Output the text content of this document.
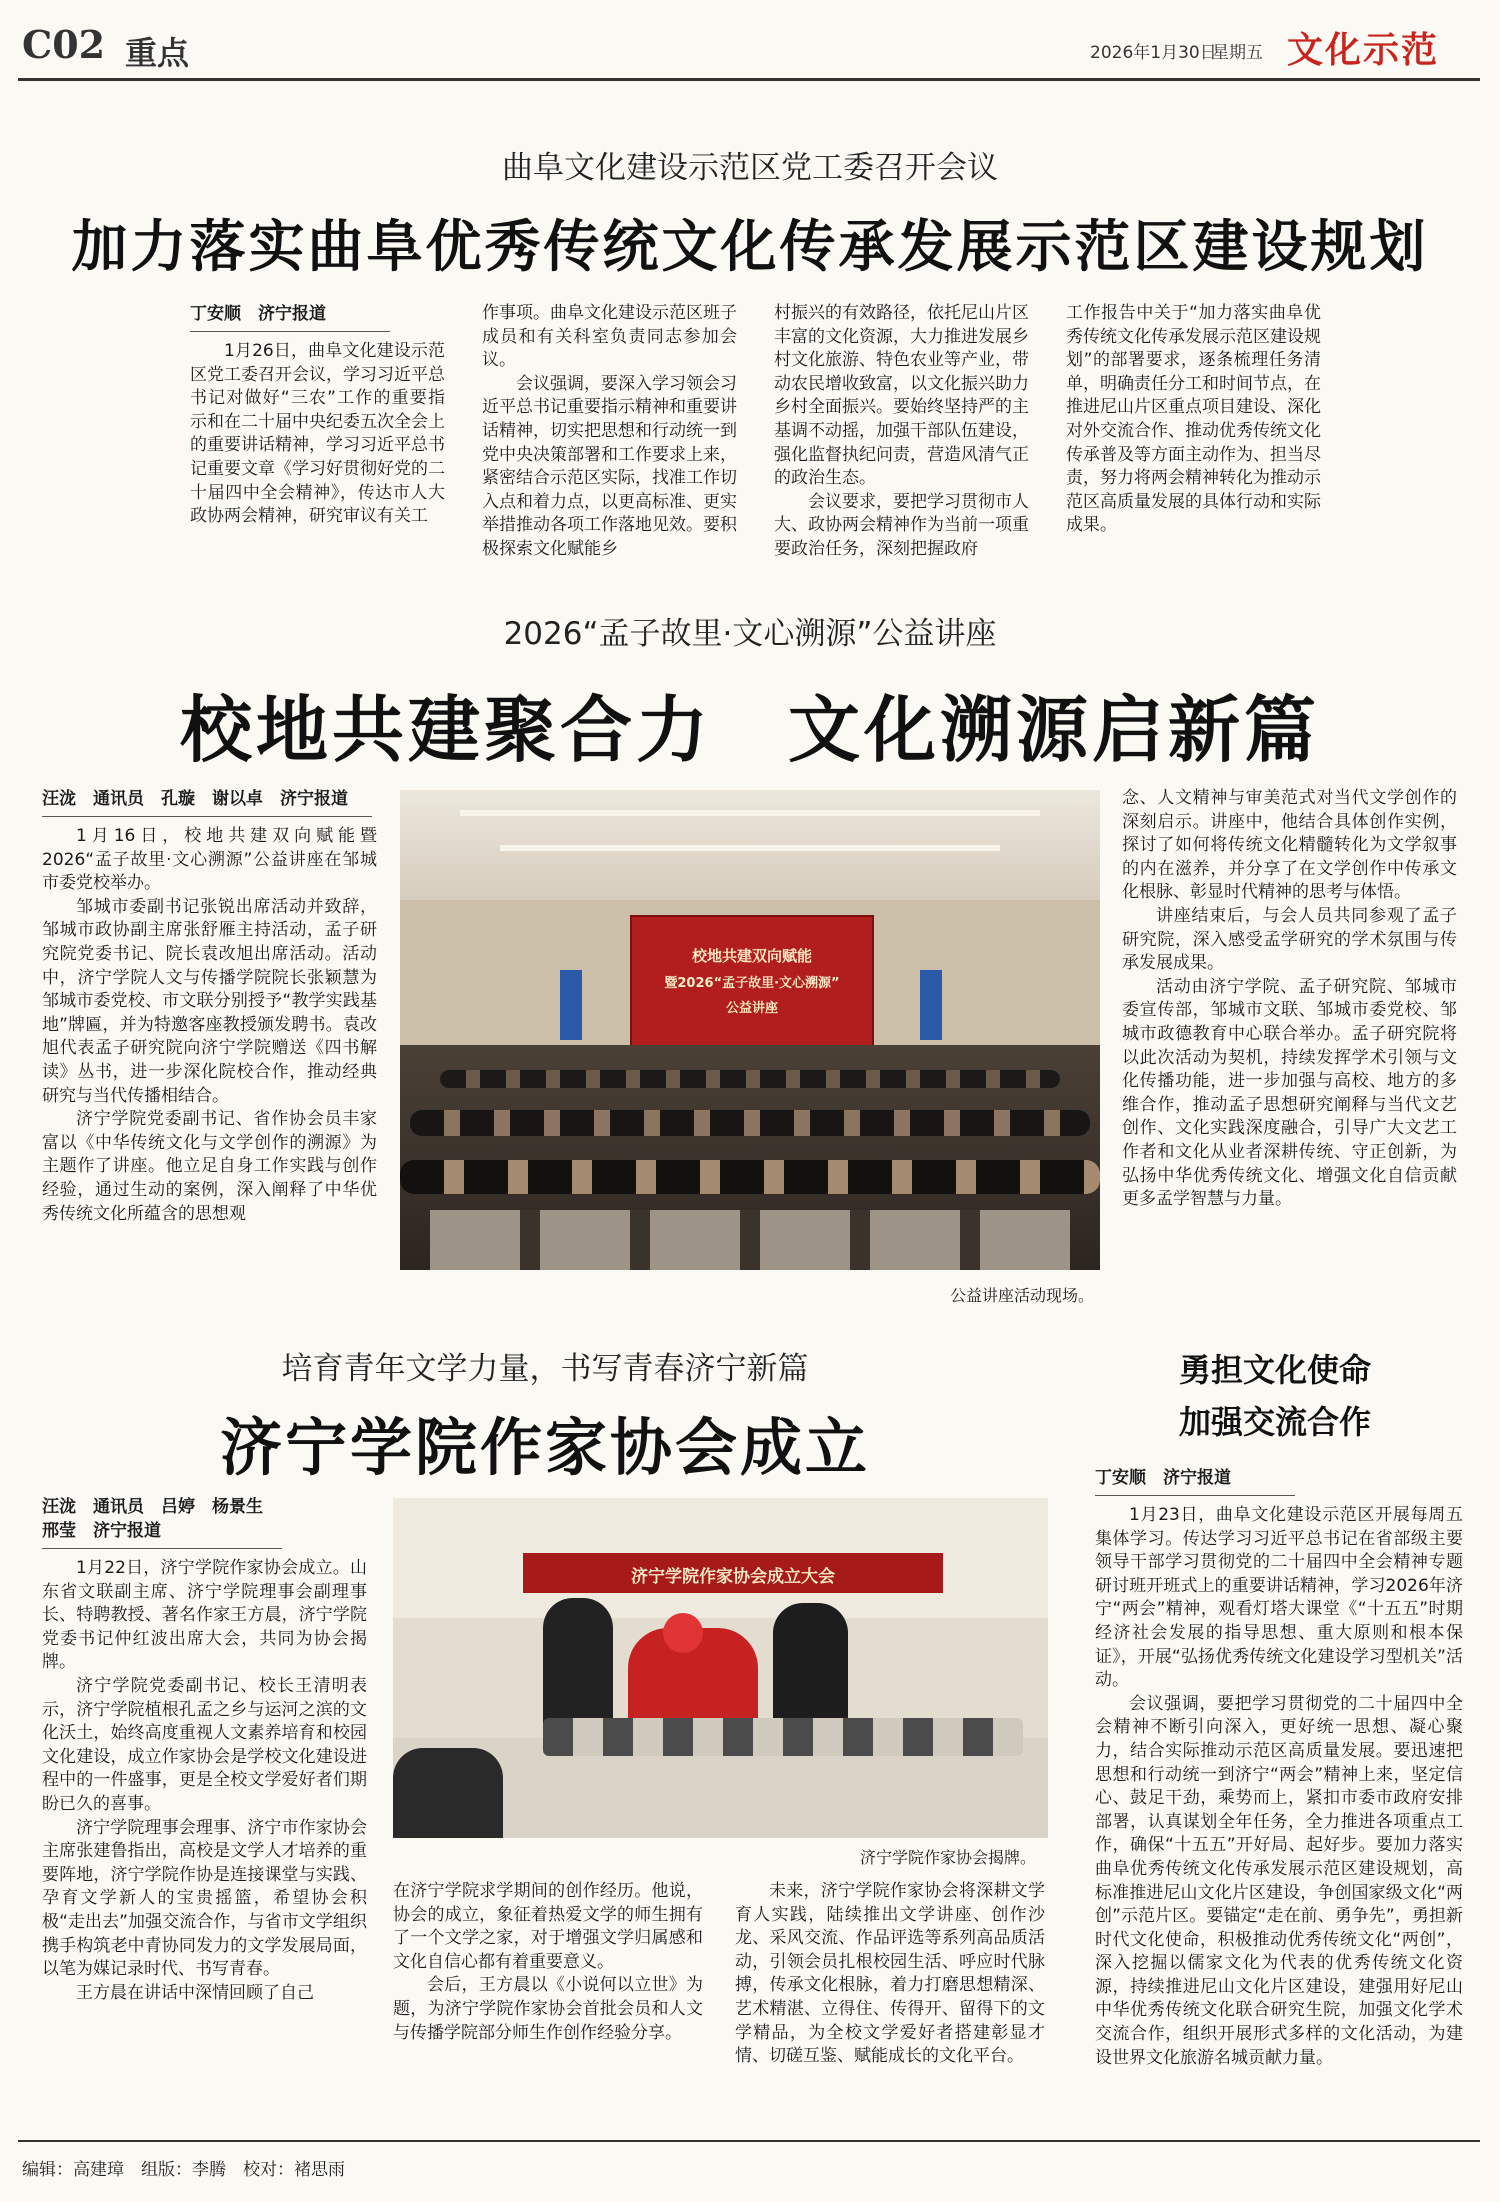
C02 重点	2026年1月30日
星期五 文化示范
曲阜文化建设示范区党工委召开会议
加力落实曲阜优秀传统文化传承发展示范区建设规划
丁安顺　济宁报道

1月26日，曲阜文化建设示范区党工委召开会议，学习习近平总书记对做好“三农”工作的重要指示和在二十届中央纪委五次全会上的重要讲话精神，学习习近平总书记重要文章《学习好贯彻好党的二十届四中全会精神》，传达市人大政协两会精神，研究审议有关工

作事项。曲阜文化建设示范区班子成员和有关科室负责同志参加会议。

会议强调，要深入学习领会习近平总书记重要指示精神和重要讲话精神，切实把思想和行动统一到党中央决策部署和工作要求上来，紧密结合示范区实际，找准工作切入点和着力点，以更高标准、更实举措推动各项工作落地见效。要积极探索文化赋能乡

村振兴的有效路径，依托尼山片区丰富的文化资源，大力推进发展乡村文化旅游、特色农业等产业，带动农民增收致富，以文化振兴助力乡村全面振兴。要始终坚持严的主基调不动摇，加强干部队伍建设，强化监督执纪问责，营造风清气正的政治生态。

会议要求，要把学习贯彻市人大、政协两会精神作为当前一项重要政治任务，深刻把握政府

工作报告中关于“加力落实曲阜优秀传统文化传承发展示范区建设规划”的部署要求，逐条梳理任务清单，明确责任分工和时间节点，在推进尼山片区重点项目建设、深化对外交流合作、推动优秀传统文化传承普及等方面主动作为、担当尽责，努力将两会精神转化为推动示范区高质量发展的具体行动和实际成果。

2026“孟子故里·文心溯源”公益讲座
校地共建聚合力　文化溯源启新篇
汪泷　通讯员　孔璇　谢以卓　济宁报道

1月16日，校地共建双向赋能暨2026“孟子故里·文心溯源”公益讲座在邹城市委党校举办。

邹城市委副书记张锐出席活动并致辞，邹城市政协副主席张舒雁主持活动，孟子研究院党委书记、院长袁改旭出席活动。活动中，济宁学院人文与传播学院院长张颖慧为邹城市委党校、市文联分别授予“教学实践基地”牌匾，并为特邀客座教授颁发聘书。袁改旭代表孟子研究院向济宁学院赠送《四书解读》丛书，进一步深化院校合作，推动经典研究与当代传播相结合。

济宁学院党委副书记、省作协会员丰家富以《中华传统文化与文学创作的溯源》为主题作了讲座。他立足自身工作实践与创作经验，通过生动的案例，深入阐释了中华优秀传统文化所蕴含的思想观

校地共建双向赋能
暨2026“孟子故里·文心溯源”
公益讲座
公益讲座活动现场。

念、人文精神与审美范式对当代文学创作的深刻启示。讲座中，他结合具体创作实例，探讨了如何将传统文化精髓转化为文学叙事的内在滋养，并分享了在文学创作中传承文化根脉、彰显时代精神的思考与体悟。

讲座结束后，与会人员共同参观了孟子研究院，深入感受孟学研究的学术氛围与传承发展成果。

活动由济宁学院、孟子研究院、邹城市委宣传部，邹城市文联、邹城市委党校、邹城市政德教育中心联合举办。孟子研究院将以此次活动为契机，持续发挥学术引领与文化传播功能，进一步加强与高校、地方的多维合作，推动孟子思想研究阐释与当代文艺创作、文化实践深度融合，引导广大文艺工作者和文化从业者深耕传统、守正创新，为弘扬中华优秀传统文化、增强文化自信贡献更多孟学智慧与力量。

培育青年文学力量，书写青春济宁新篇
济宁学院作家协会成立
汪泷　通讯员　吕婷　杨景生　邢莹　济宁报道

1月22日，济宁学院作家协会成立。山东省文联副主席、济宁学院理事会副理事长、特聘教授、著名作家王方晨，济宁学院党委书记仲红波出席大会，共同为协会揭牌。

济宁学院党委副书记、校长王清明表示，济宁学院植根孔孟之乡与运河之滨的文化沃土，始终高度重视人文素养培育和校园文化建设，成立作家协会是学校文化建设进程中的一件盛事，更是全校文学爱好者们期盼已久的喜事。

济宁学院理事会理事、济宁市作家协会主席张建鲁指出，高校是文学人才培养的重要阵地，济宁学院作协是连接课堂与实践、孕育文学新人的宝贵摇篮，希望协会积极“走出去”加强交流合作，与省市文学组织携手构筑老中青协同发力的文学发展局面，以笔为媒记录时代、书写青春。

王方晨在讲话中深情回顾了自己

济宁学院作家协会成立大会
济宁学院作家协会揭牌。

在济宁学院求学期间的创作经历。他说，协会的成立，象征着热爱文学的师生拥有了一个文学之家，对于增强文学归属感和文化自信心都有着重要意义。

会后，王方晨以《小说何以立世》为题，为济宁学院作家协会首批会员和人文与传播学院部分师生作创作经验分享。

未来，济宁学院作家协会将深耕文学育人实践，陆续推出文学讲座、创作沙龙、采风交流、作品评选等系列高品质活动，引领会员扎根校园生活、呼应时代脉搏，传承文化根脉，着力打磨思想精深、艺术精湛、立得住、传得开、留得下的文学精品，为全校文学爱好者搭建彰显才情、切磋互鉴、赋能成长的文化平台。

勇担文化使命
加强交流合作
丁安顺　济宁报道

1月23日，曲阜文化建设示范区开展每周五集体学习。传达学习习近平总书记在省部级主要领导干部学习贯彻党的二十届四中全会精神专题研讨班开班式上的重要讲话精神，学习2026年济宁“两会”精神，观看灯塔大课堂《“十五五”时期经济社会发展的指导思想、重大原则和根本保证》，开展“弘扬优秀传统文化建设学习型机关”活动。

会议强调，要把学习贯彻党的二十届四中全会精神不断引向深入，更好统一思想、凝心聚力，结合实际推动示范区高质量发展。要迅速把思想和行动统一到济宁“两会”精神上来，坚定信心、鼓足干劲，乘势而上，紧扣市委市政府安排部署，认真谋划全年任务，全力推进各项重点工作，确保“十五五”开好局、起好步。要加力落实曲阜优秀传统文化传承发展示范区建设规划，高标准推进尼山文化片区建设，争创国家级文化“两创”示范片区。要锚定“走在前、勇争先”，勇担新时代文化使命，积极推动优秀传统文化“两创”，深入挖掘以儒家文化为代表的优秀传统文化资源，持续推进尼山文化片区建设，建强用好尼山中华优秀传统文化联合研究生院，加强文化学术交流合作，组织开展形式多样的文化活动，为建设世界文化旅游名城贡献力量。

编辑：高建璋　组版：李腾　校对：褚思雨
